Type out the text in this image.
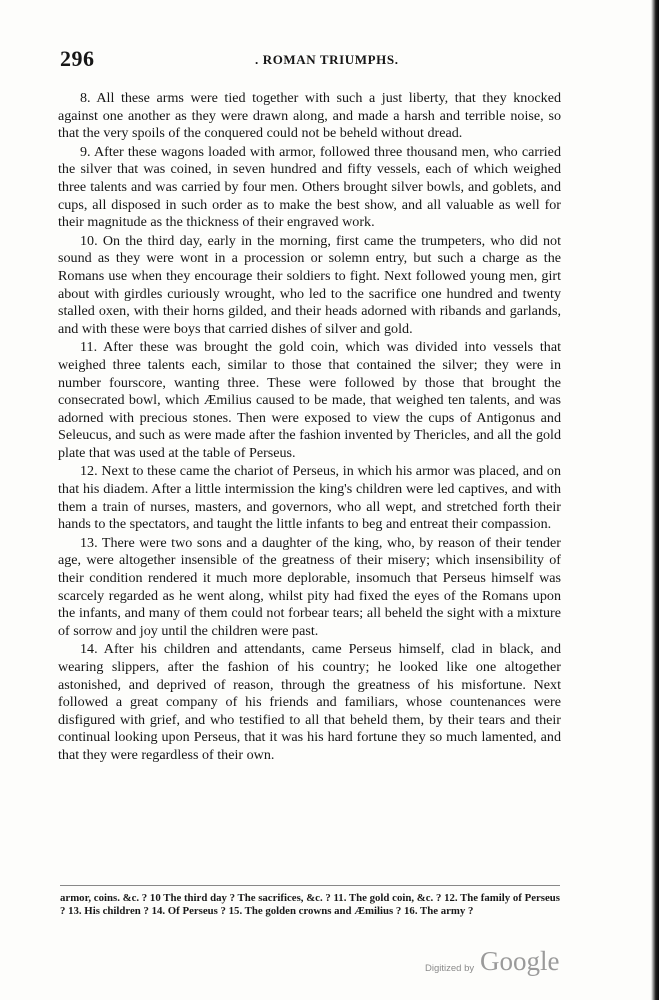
296	. ROMAN TRIUMPHS.

8. All these arms were tied together with such a just liberty, that they knocked against one another as they were drawn along, and made a harsh and terrible noise, so that the very spoils of the conquered could not be beheld without dread.

9. After these wagons loaded with armor, followed three thousand men, who carried the silver that was coined, in seven hundred and fifty vessels, each of which weighed three talents and was carried by four men. Others brought silver bowls, and goblets, and cups, all disposed in such order as to make the best show, and all valuable as well for their magnitude as the thickness of their engraved work.

10. On the third day, early in the morning, first came the trumpeters, who did not sound as they were wont in a procession or solemn entry, but such a charge as the Romans use when they encourage their soldiers to fight. Next followed young men, girt about with girdles curiously wrought, who led to the sacrifice one hundred and twenty stalled oxen, with their horns gilded, and their heads adorned with ribands and garlands, and with these were boys that carried dishes of silver and gold.

11. After these was brought the gold coin, which was divided into vessels that weighed three talents each, similar to those that contained the silver; they were in number fourscore, wanting three. These were followed by those that brought the consecrated bowl, which Æmilius caused to be made, that weighed ten talents, and was adorned with precious stones. Then were exposed to view the cups of Antigonus and Seleucus, and such as were made after the fashion invented by Thericles, and all the gold plate that was used at the table of Perseus.

12. Next to these came the chariot of Perseus, in which his armor was placed, and on that his diadem. After a little intermission the king's children were led captives, and with them a train of nurses, masters, and governors, who all wept, and stretched forth their hands to the spectators, and taught the little infants to beg and entreat their compassion.

13. There were two sons and a daughter of the king, who, by reason of their tender age, were altogether insensible of the greatness of their misery; which insensibility of their condition rendered it much more deplorable, insomuch that Perseus himself was scarcely regarded as he went along, whilst pity had fixed the eyes of the Romans upon the infants, and many of them could not forbear tears; all beheld the sight with a mixture of sorrow and joy until the children were past.

14. After his children and attendants, came Perseus himself, clad in black, and wearing slippers, after the fashion of his country; he looked like one altogether astonished, and deprived of reason, through the greatness of his misfortune. Next followed a great company of his friends and familiars, whose countenances were disfigured with grief, and who testified to all that beheld them, by their tears and their continual looking upon Perseus, that it was his hard fortune they so much lamented, and that they were regardless of their own.

armor, coins. &c. ? 10 The third day ? The sacrifices, &c. ? 11. The gold coin, &c. ? 12. The family of Perseus ? 13. His children ? 14. Of Perseus ? 15. The golden crowns and Æmilius ? 16. The army ?
Digitized by Google
